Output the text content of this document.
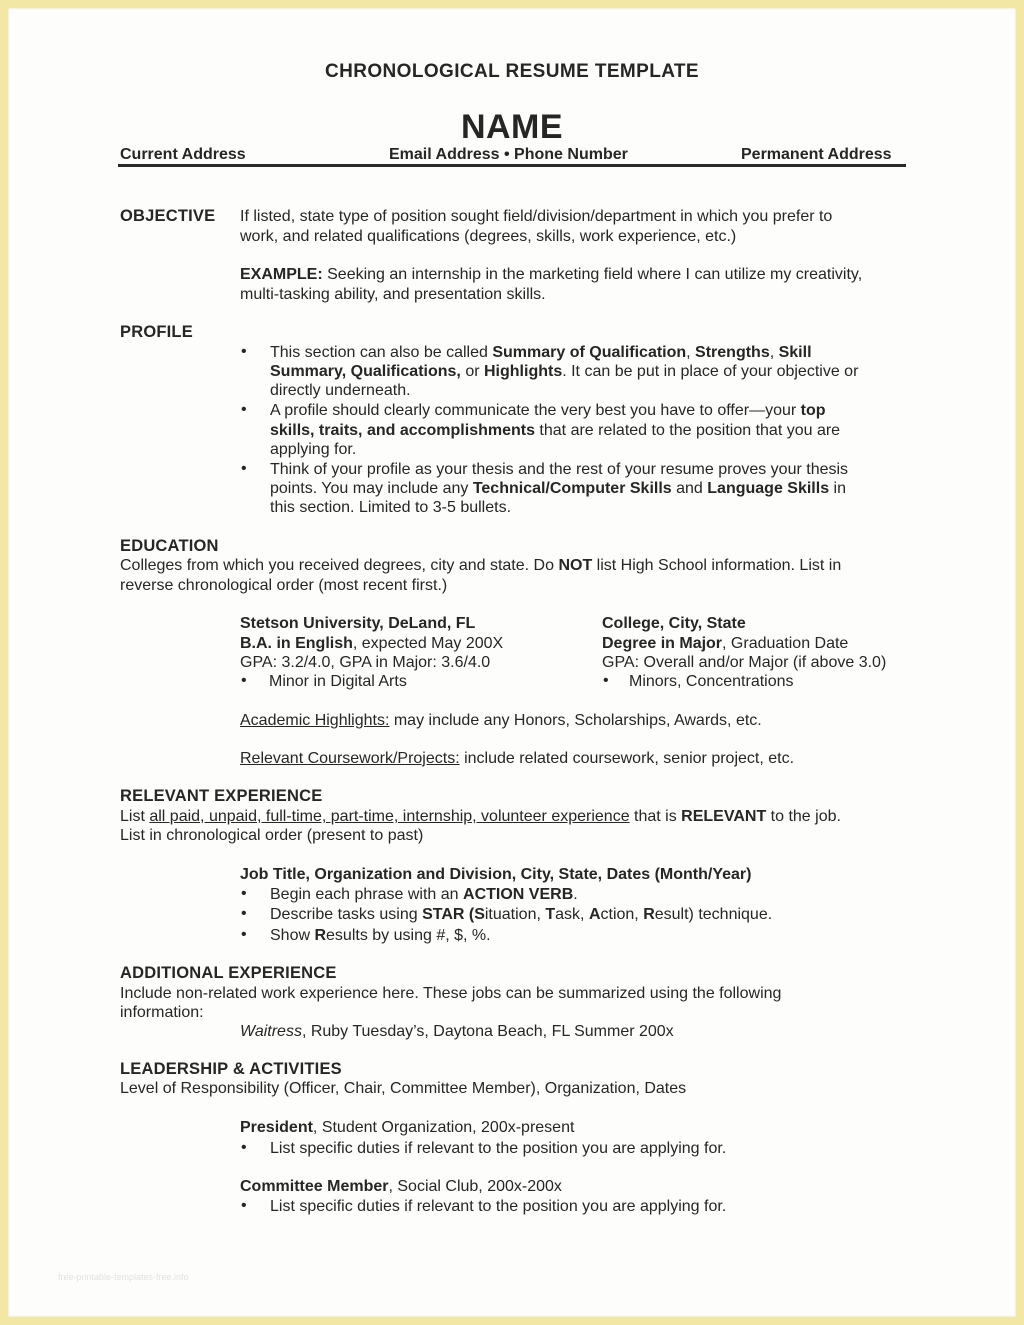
CHRONOLOGICAL RESUME TEMPLATE
NAME
Current Address	Email Address • Phone Number	Permanent Address
OBJECTIVE If listed, state type of position sought field/division/department in which you prefer to
work, and related qualifications (degrees, skills, work experience, etc.)
EXAMPLE: Seeking an internship in the marketing field where I can utilize my creativity,
multi-tasking ability, and presentation skills.
PROFILE
• This section can also be called Summary of Qualification, Strengths, Skill
Summary, Qualifications, or Highlights. It can be put in place of your objective or
directly underneath.
• A profile should clearly communicate the very best you have to offer—your top
skills, traits, and accomplishments that are related to the position that you are
applying for.
• Think of your profile as your thesis and the rest of your resume proves your thesis
points. You may include any Technical/Computer Skills and Language Skills in
this section. Limited to 3-5 bullets.
EDUCATION
Colleges from which you received degrees, city and state. Do NOT list High School information. List in
reverse chronological order (most recent first.)
Stetson University, DeLand, FL
B.A. in English, expected May 200X
GPA: 3.2/4.0, GPA in Major: 3.6/4.0
• Minor in Digital Arts
College, City, State
Degree in Major, Graduation Date
GPA: Overall and/or Major (if above 3.0)
• Minors, Concentrations
Academic Highlights: may include any Honors, Scholarships, Awards, etc.
Relevant Coursework/Projects: include related coursework, senior project, etc.
RELEVANT EXPERIENCE
List all paid, unpaid, full-time, part-time, internship, volunteer experience that is RELEVANT to the job.
List in chronological order (present to past)
Job Title, Organization and Division, City, State, Dates (Month/Year)
• Begin each phrase with an ACTION VERB.
• Describe tasks using STAR (Situation, Task, Action, Result) technique.
• Show Results by using #, $, %.
ADDITIONAL EXPERIENCE
Include non-related work experience here. These jobs can be summarized using the following
information:
Waitress, Ruby Tuesday’s, Daytona Beach, FL Summer 200x
LEADERSHIP & ACTIVITIES
Level of Responsibility (Officer, Chair, Committee Member), Organization, Dates
President, Student Organization, 200x-present
• List specific duties if relevant to the position you are applying for.
Committee Member, Social Club, 200x-200x
• List specific duties if relevant to the position you are applying for.
free-printable-templates-free.info
